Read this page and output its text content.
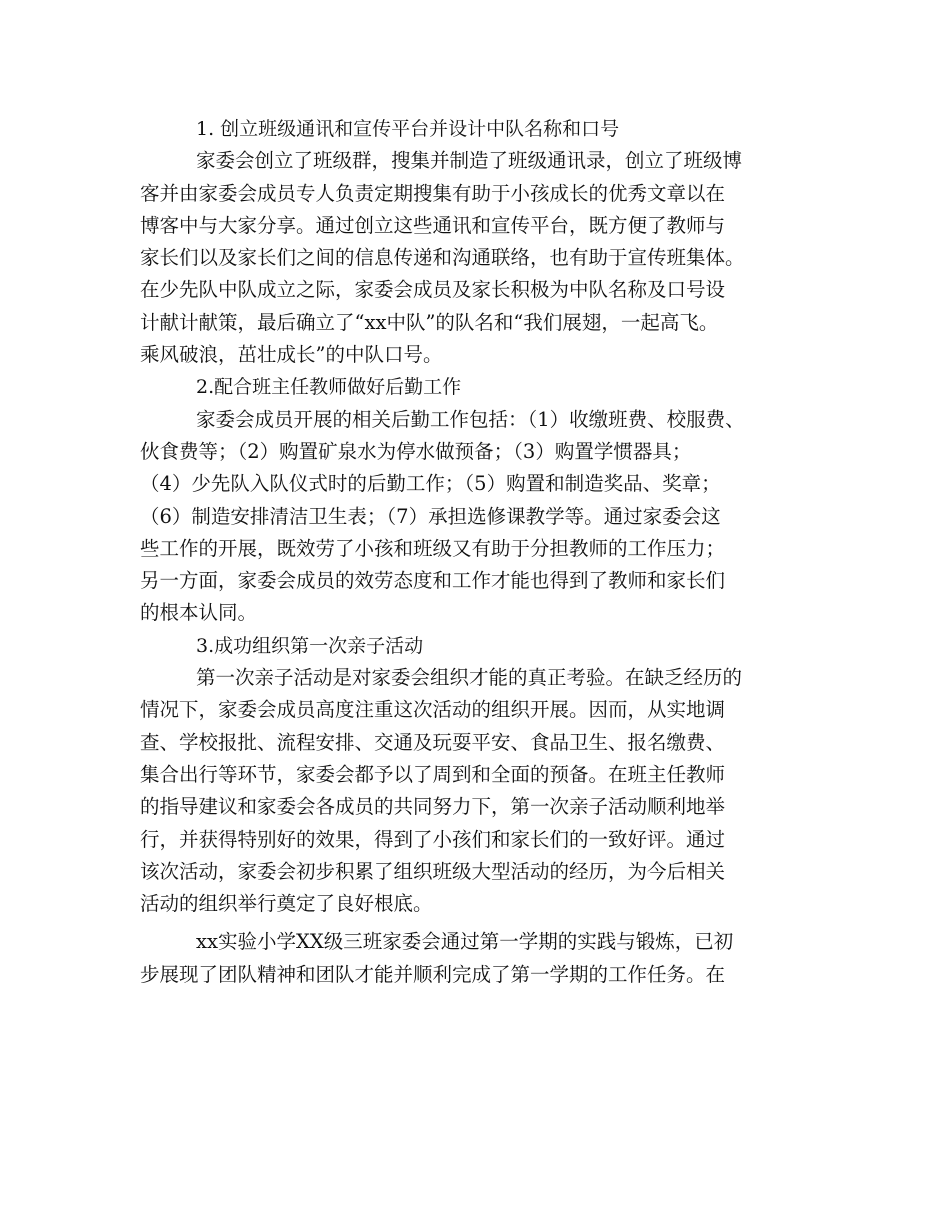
1. 创立班级通讯和宣传平台并设计中队名称和口号
家委会创立了班级群，搜集并制造了班级通讯录，创立了班级博
客并由家委会成员专人负责定期搜集有助于小孩成长的优秀文章以在
博客中与大家分享。通过创立这些通讯和宣传平台，既方便了教师与
家长们以及家长们之间的信息传递和沟通联络，也有助于宣传班集体。
在少先队中队成立之际，家委会成员及家长积极为中队名称及口号设
计献计献策，最后确立了“xx中队”的队名和“我们展翅，一起高飞。
乘风破浪，茁壮成长”的中队口号。
2.配合班主任教师做好后勤工作
家委会成员开展的相关后勤工作包括：（1）收缴班费、校服费、
伙食费等；（2）购置矿泉水为停水做预备；（3）购置学惯器具；
（4）少先队入队仪式时的后勤工作；（5）购置和制造奖品、奖章；
（6）制造安排清洁卫生表；（7）承担选修课教学等。通过家委会这
些工作的开展，既效劳了小孩和班级又有助于分担教师的工作压力；
另一方面，家委会成员的效劳态度和工作才能也得到了教师和家长们
的根本认同。
3.成功组织第一次亲子活动
第一次亲子活动是对家委会组织才能的真正考验。在缺乏经历的
情况下，家委会成员高度注重这次活动的组织开展。因而，从实地调
查、学校报批、流程安排、交通及玩耍平安、食品卫生、报名缴费、
集合出行等环节，家委会都予以了周到和全面的预备。在班主任教师
的指导建议和家委会各成员的共同努力下，第一次亲子活动顺利地举
行，并获得特别好的效果，得到了小孩们和家长们的一致好评。通过
该次活动，家委会初步积累了组织班级大型活动的经历，为今后相关
活动的组织举行奠定了良好根底。
xx实验小学XX级三班家委会通过第一学期的实践与锻炼，已初
步展现了团队精神和团队才能并顺利完成了第一学期的工作任务。在
